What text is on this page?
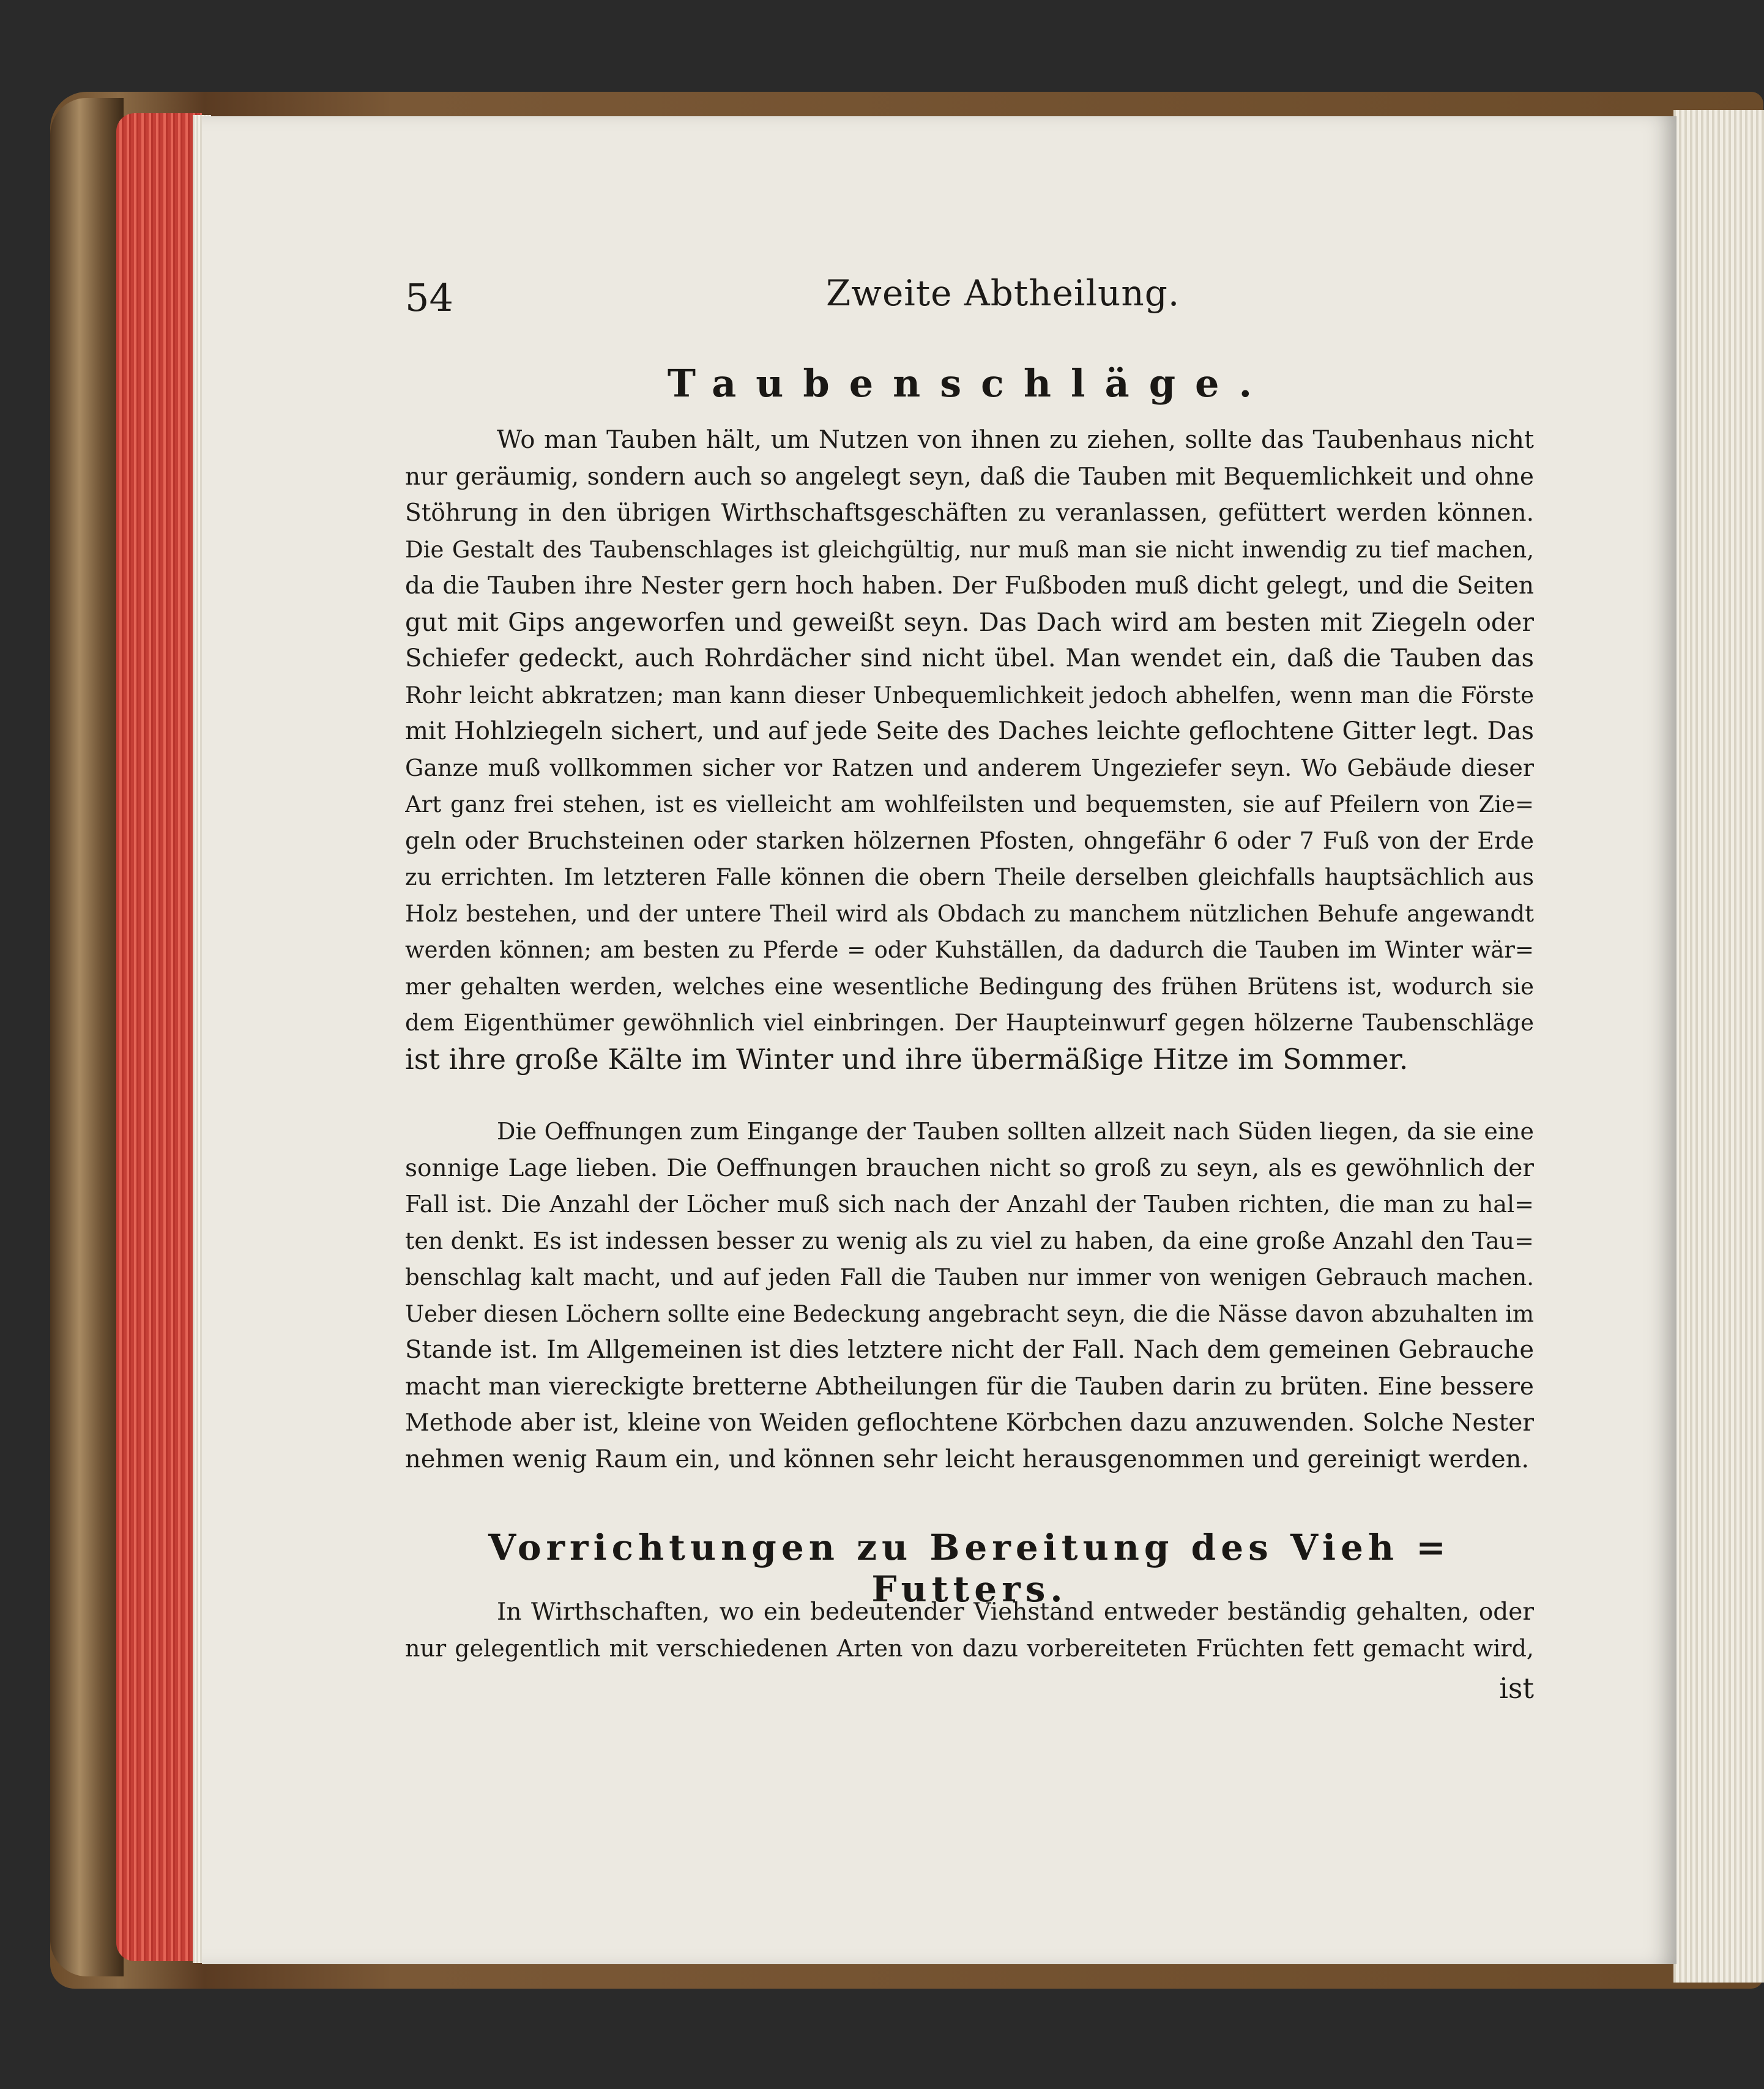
54	Zweite Abtheilung.
Taubenschläge.
Wo man Tauben hält, um Nutzen von ihnen zu ziehen, sollte das Taubenhaus nicht
nur geräumig, sondern auch so angelegt seyn, daß die Tauben mit Bequemlichkeit und ohne
Stöhrung in den übrigen Wirthschaftsgeschäften zu veranlassen, gefüttert werden können.
Die Gestalt des Taubenschlages ist gleichgültig, nur muß man sie nicht inwendig zu tief machen,
da die Tauben ihre Nester gern hoch haben. Der Fußboden muß dicht gelegt, und die Seiten
gut mit Gips angeworfen und geweißt seyn. Das Dach wird am besten mit Ziegeln oder
Schiefer gedeckt, auch Rohrdächer sind nicht übel. Man wendet ein, daß die Tauben das
Rohr leicht abkratzen; man kann dieser Unbequemlichkeit jedoch abhelfen, wenn man die Förste
mit Hohlziegeln sichert, und auf jede Seite des Daches leichte geflochtene Gitter legt. Das
Ganze muß vollkommen sicher vor Ratzen und anderem Ungeziefer seyn. Wo Gebäude dieser
Art ganz frei stehen, ist es vielleicht am wohlfeilsten und bequemsten, sie auf Pfeilern von Zie=
geln oder Bruchsteinen oder starken hölzernen Pfosten, ohngefähr 6 oder 7 Fuß von der Erde
zu errichten. Im letzteren Falle können die obern Theile derselben gleichfalls hauptsächlich aus
Holz bestehen, und der untere Theil wird als Obdach zu manchem nützlichen Behufe angewandt
werden können; am besten zu Pferde = oder Kuhställen, da dadurch die Tauben im Winter wär=
mer gehalten werden, welches eine wesentliche Bedingung des frühen Brütens ist, wodurch sie
dem Eigenthümer gewöhnlich viel einbringen. Der Haupteinwurf gegen hölzerne Taubenschläge
ist ihre große Kälte im Winter und ihre übermäßige Hitze im Sommer.
Die Oeffnungen zum Eingange der Tauben sollten allzeit nach Süden liegen, da sie eine
sonnige Lage lieben. Die Oeffnungen brauchen nicht so groß zu seyn, als es gewöhnlich der
Fall ist. Die Anzahl der Löcher muß sich nach der Anzahl der Tauben richten, die man zu hal=
ten denkt. Es ist indessen besser zu wenig als zu viel zu haben, da eine große Anzahl den Tau=
benschlag kalt macht, und auf jeden Fall die Tauben nur immer von wenigen Gebrauch machen.
Ueber diesen Löchern sollte eine Bedeckung angebracht seyn, die die Nässe davon abzuhalten im
Stande ist. Im Allgemeinen ist dies letztere nicht der Fall. Nach dem gemeinen Gebrauche
macht man viereckigte bretterne Abtheilungen für die Tauben darin zu brüten. Eine bessere
Methode aber ist, kleine von Weiden geflochtene Körbchen dazu anzuwenden. Solche Nester
nehmen wenig Raum ein, und können sehr leicht herausgenommen und gereinigt werden.
Vorrichtungen zu Bereitung des Vieh = Futters.
In Wirthschaften, wo ein bedeutender Viehstand entweder beständig gehalten, oder
nur gelegentlich mit verschiedenen Arten von dazu vorbereiteten Früchten fett gemacht wird,
ist
